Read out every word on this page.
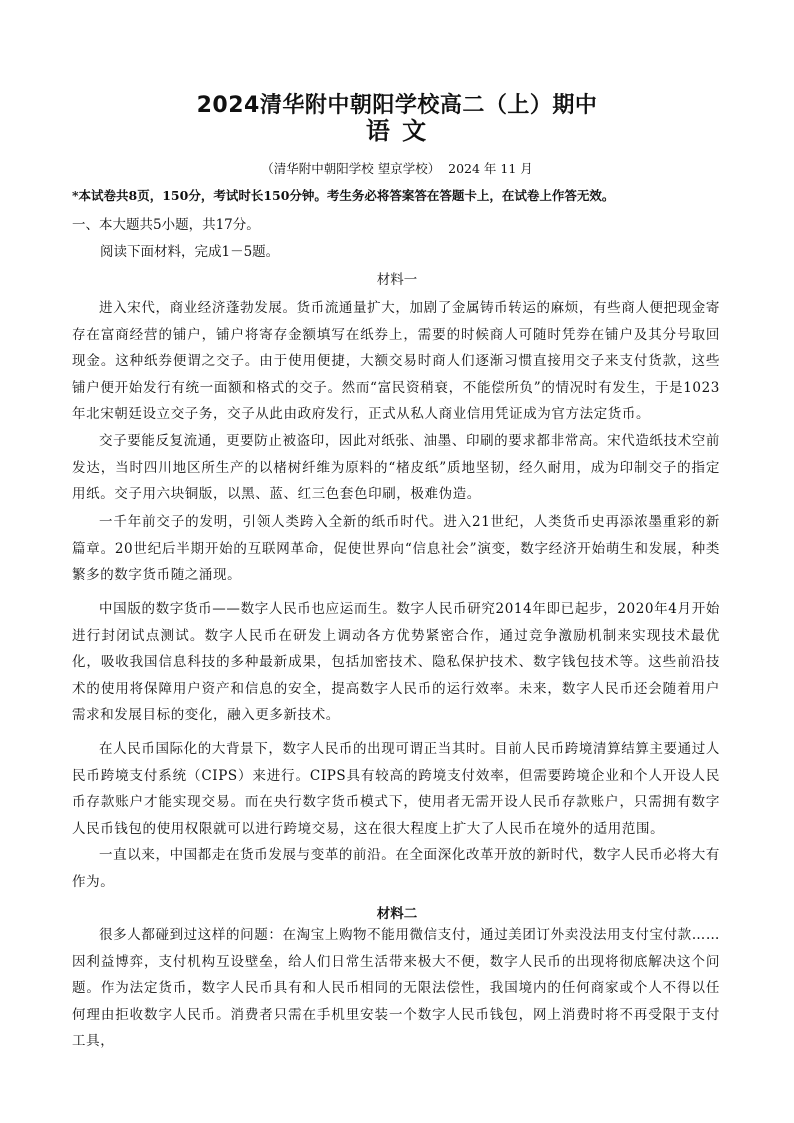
2024清华附中朝阳学校高二（上）期中
语 文
（清华附中朝阳学校 望京学校）  2024 年 11 月
*本试卷共8页，150分，考试时长150分钟。考生务必将答案答在答题卡上，在试卷上作答无效。
一、本大题共5小题，共17分。
阅读下面材料，完成1－5题。
材料一

进入宋代，商业经济蓬勃发展。货币流通量扩大，加剧了金属铸币转运的麻烦，有些商人便把现金寄存在富商经营的铺户，铺户将寄存金额填写在纸券上，需要的时候商人可随时凭券在铺户及其分号取回现金。这种纸券便谓之交子。由于使用便捷，大额交易时商人们逐渐习惯直接用交子来支付货款，这些铺户便开始发行有统一面额和格式的交子。然而“富民资稍衰，不能偿所负”的情况时有发生，于是1023年北宋朝廷设立交子务，交子从此由政府发行，正式从私人商业信用凭证成为官方法定货币。

交子要能反复流通，更要防止被盗印，因此对纸张、油墨、印刷的要求都非常高。宋代造纸技术空前发达，当时四川地区所生产的以楮树纤维为原料的“楮皮纸”质地坚韧，经久耐用，成为印制交子的指定用纸。交子用六块铜版，以黑、蓝、红三色套色印刷，极难伪造。

一千年前交子的发明，引领人类跨入全新的纸币时代。进入21世纪，人类货币史再添浓墨重彩的新篇章。20世纪后半期开始的互联网革命，促使世界向“信息社会”演变，数字经济开始萌生和发展，种类繁多的数字货币随之涌现。

中国版的数字货币——数字人民币也应运而生。数字人民币研究2014年即已起步，2020年4月开始进行封闭试点测试。数字人民币在研发上调动各方优势紧密合作，通过竞争激励机制来实现技术最优化，吸收我国信息科技的多种最新成果，包括加密技术、隐私保护技术、数字钱包技术等。这些前沿技术的使用将保障用户资产和信息的安全，提高数字人民币的运行效率。未来，数字人民币还会随着用户需求和发展目标的变化，融入更多新技术。

在人民币国际化的大背景下，数字人民币的出现可谓正当其时。目前人民币跨境清算结算主要通过人民币跨境支付系统（CIPS）来进行。CIPS具有较高的跨境支付效率，但需要跨境企业和个人开设人民币存款账户才能实现交易。而在央行数字货币模式下，使用者无需开设人民币存款账户，只需拥有数字人民币钱包的使用权限就可以进行跨境交易，这在很大程度上扩大了人民币在境外的适用范围。

一直以来，中国都走在货币发展与变革的前沿。在全面深化改革开放的新时代，数字人民币必将大有作为。

材料二

很多人都碰到过这样的问题：在淘宝上购物不能用微信支付，通过美团订外卖没法用支付宝付款……因利益博弈，支付机构互设壁垒，给人们日常生活带来极大不便，数字人民币的出现将彻底解决这个问题。作为法定货币，数字人民币具有和人民币相同的无限法偿性，我国境内的任何商家或个人不得以任何理由拒收数字人民币。消费者只需在手机里安装一个数字人民币钱包，网上消费时将不再受限于支付工具，
